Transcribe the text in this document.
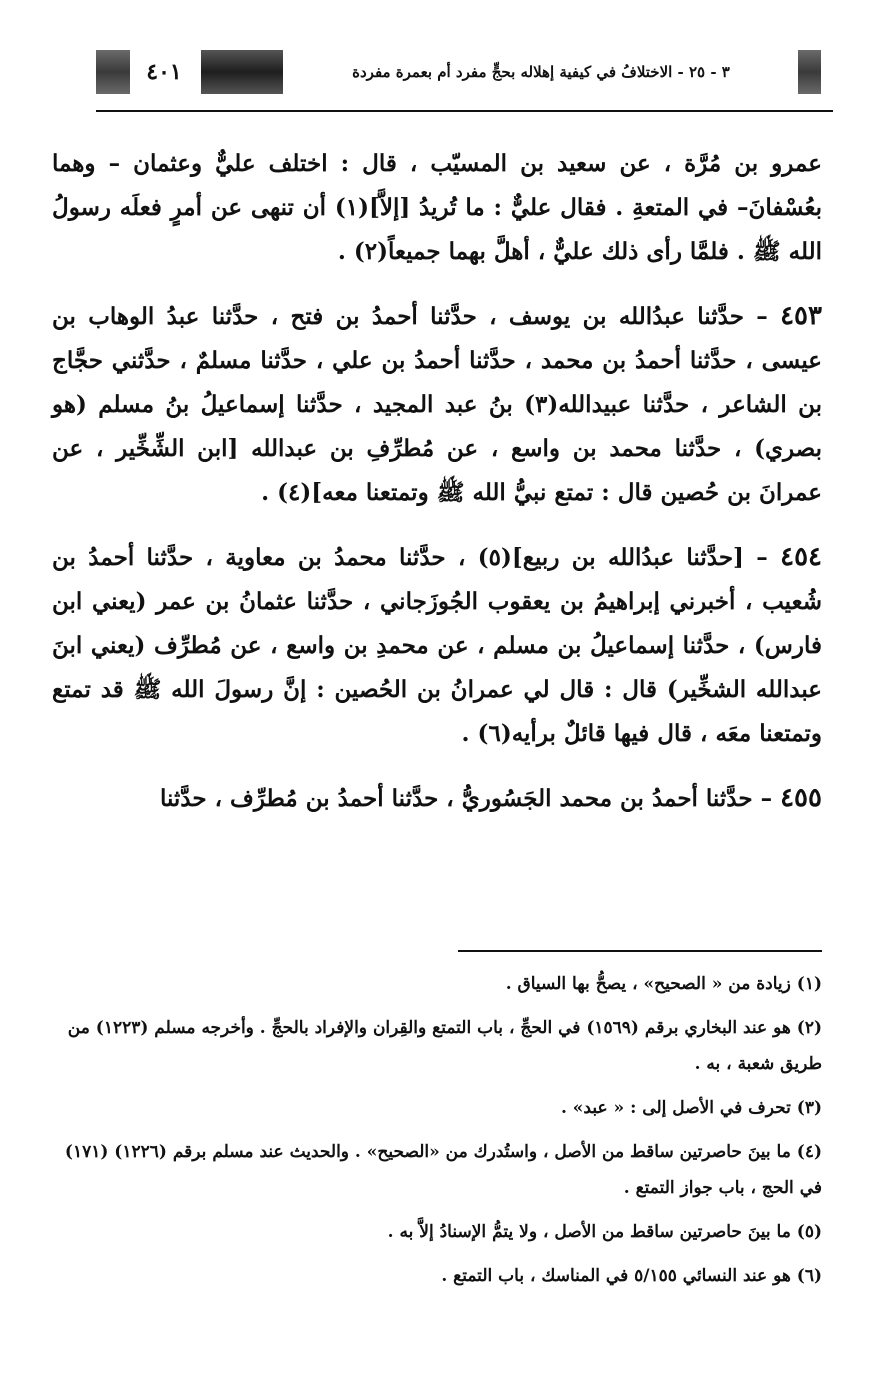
٤٠١	٣ - ٢٥ - الاختلافُ في كيفية إهلاله بحجٍّ مفرد أم بعمرة مفردة

عمرو بن مُرَّة ، عن سعيد بن المسيّب ، قال : اختلف عليٌّ وعثمان – وهما بعُسْفانَ– في المتعةِ . فقال عليٌّ : ما تُريدُ [إلاَّ](١) أن تنهى عن أمرٍ فعلَه رسولُ الله ﷺ . فلمَّا رأى ذلك عليٌّ ، أهلَّ بهما جميعاً(٢) .

٤٥٣ – حدَّثنا عبدُالله بن يوسف ، حدَّثنا أحمدُ بن فتح ، حدَّثنا عبدُ الوهاب بن عيسى ، حدَّثنا أحمدُ بن محمد ، حدَّثنا أحمدُ بن علي ، حدَّثنا مسلمٌ ، حدَّثني حجَّاج بن الشاعر ، حدَّثنا عبيدالله(٣) بنُ عبد المجيد ، حدَّثنا إسماعيلُ بنُ مسلم (هو بصري) ، حدَّثنا محمد بن واسع ، عن مُطرِّفِ بن عبدالله [ابن الشِّخِّير ، عن عمرانَ بن حُصين قال : تمتع نبيُّ الله ﷺ وتمتعنا معه](٤) .

٤٥٤ – [حدَّثنا عبدُالله بن ربيع](٥) ، حدَّثنا محمدُ بن معاوية ، حدَّثنا أحمدُ بن شُعيب ، أخبرني إبراهيمُ بن يعقوب الجُوزَجاني ، حدَّثنا عثمانُ بن عمر (يعني ابن فارس) ، حدَّثنا إسماعيلُ بن مسلم ، عن محمدِ بن واسع ، عن مُطرِّف (يعني ابنَ عبدالله الشخِّير) قال : قال لي عمرانُ بن الحُصين : إنَّ رسولَ الله ﷺ قد تمتع وتمتعنا معَه ، قال فيها قائلٌ برأيه(٦) .

٤٥٥ – حدَّثنا أحمدُ بن محمد الجَسُوريُّ ، حدَّثنا أحمدُ بن مُطرِّف ، حدَّثنا

(١) زيادة من « الصحيح» ، يصحُّ بها السياق .

(٢) هو عند البخاري برقم (١٥٦٩) في الحجِّ ، باب التمتع والقِران والإفراد بالحجِّ . وأخرجه مسلم (١٢٢٣) من طريق شعبة ، به .

(٣) تحرف في الأصل إلى : « عبد» .

(٤) ما بينَ حاصرتين ساقط من الأصل ، واستُدرك من «الصحيح» . والحديث عند مسلم برقم (١٢٢٦) (١٧١) في الحج ، باب جواز التمتع .

(٥) ما بينَ حاصرتين ساقط من الأصل ، ولا يتمُّ الإسنادُ إلاَّ به .

(٦) هو عند النسائي ٥/١٥٥ في المناسك ، باب التمتع .
